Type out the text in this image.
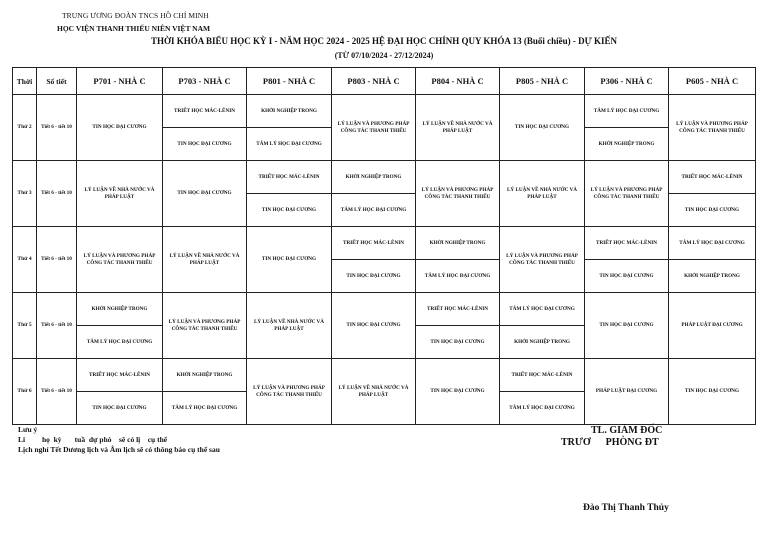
TRUNG ƯƠNG ĐOÀN TNCS HỒ CHÍ MINH
HỌC VIỆN THANH THIẾU NIÊN VIỆT NAM
THỜI KHÓA BIỂU HỌC KỲ I - NĂM HỌC 2024 - 2025 HỆ ĐẠI HỌC CHÍNH QUY KHÓA 13 (Buổi chiều) - DỰ KIẾN
(TỪ 07/10/2024 - 27/12/2024)
Thời	Số tiết	P701 - NHÀ C	P703 - NHÀ C	P801 - NHÀ C	P803 - NHÀ C	P804 - NHÀ C	P805 - NHÀ C	P306 - NHÀ C	P605 - NHÀ C
Thứ 2	Tiết 6 - tiết 10	TIN HỌC ĐẠI CƯƠNG	TRIẾT HỌC MÁC-LÊNIN	KHỞI NGHIỆP TRONG	LÝ LUẬN VÀ PHƯƠNG PHÁP CÔNG TÁC THANH THIẾU	LÝ LUẬN VỀ NHÀ NƯỚC VÀ PHÁP LUẬT	TIN HỌC ĐẠI CƯƠNG	TÂM LÝ HỌC ĐẠI CƯƠNG	LÝ LUẬN VÀ PHƯƠNG PHÁP CÔNG TÁC THANH THIẾU
			TIN HỌC ĐẠI CƯƠNG	TÂM LÝ HỌC ĐẠI CƯƠNG				KHỞI NGHIỆP TRONG	
Thứ 3	Tiết 6 - tiết 10	LÝ LUẬN VỀ NHÀ NƯỚC VÀ PHÁP LUẬT	TIN HỌC ĐẠI CƯƠNG	TRIẾT HỌC MÁC-LÊNIN	KHỞI NGHIỆP TRONG	LÝ LUẬN VÀ PHƯƠNG PHÁP CÔNG TÁC THANH THIẾU	LÝ LUẬN VỀ NHÀ NƯỚC VÀ PHÁP LUẬT	LÝ LUẬN VÀ PHƯƠNG PHÁP CÔNG TÁC THANH THIẾU	TRIẾT HỌC MÁC-LÊNIN
				TIN HỌC ĐẠI CƯƠNG	TÂM LÝ HỌC ĐẠI CƯƠNG				TIN HỌC ĐẠI CƯƠNG
Thứ 4	Tiết 6 - tiết 10	LÝ LUẬN VÀ PHƯƠNG PHÁP CÔNG TÁC THANH THIẾU	LÝ LUẬN VỀ NHÀ NƯỚC VÀ PHÁP LUẬT	TIN HỌC ĐẠI CƯƠNG	TRIẾT HỌC MÁC-LÊNIN	KHỞI NGHIỆP TRONG	LÝ LUẬN VÀ PHƯƠNG PHÁP CÔNG TÁC THANH THIẾU	TRIẾT HỌC MÁC-LÊNIN	TÂM LÝ HỌC ĐẠI CƯƠNG
					TIN HỌC ĐẠI CƯƠNG	TÂM LÝ HỌC ĐẠI CƯƠNG		TIN HỌC ĐẠI CƯƠNG	KHỞI NGHIỆP TRONG
Thứ 5	Tiết 6 - tiết 10	KHỞI NGHIỆP TRONG	LÝ LUẬN VÀ PHƯƠNG PHÁP CÔNG TÁC THANH THIẾU	LÝ LUẬN VỀ NHÀ NƯỚC VÀ PHÁP LUẬT	TIN HỌC ĐẠI CƯƠNG	TRIẾT HỌC MÁC-LÊNIN	TÂM LÝ HỌC ĐẠI CƯƠNG	TIN HỌC ĐẠI CƯƠNG	PHÁP LUẬT ĐẠI CƯƠNG
		TÂM LÝ HỌC ĐẠI CƯƠNG				TIN HỌC ĐẠI CƯƠNG	KHỞI NGHIỆP TRONG		
Thứ 6	Tiết 6 - tiết 10	TRIẾT HỌC MÁC-LÊNIN	KHỞI NGHIỆP TRONG	LÝ LUẬN VÀ PHƯƠNG PHÁP CÔNG TÁC THANH THIẾU	LÝ LUẬN VỀ NHÀ NƯỚC VÀ PHÁP LUẬT	TIN HỌC ĐẠI CƯƠNG	TRIẾT HỌC MÁC-LÊNIN	PHÁP LUẬT ĐẠI CƯƠNG	TIN HỌC ĐẠI CƯƠNG
		TIN HỌC ĐẠI CƯƠNG	TÂM LÝ HỌC ĐẠI CƯƠNG				TÂM LÝ HỌC ĐẠI CƯƠNG		
Lưu ý
Li         họ  kỳ       tuầ  dự phò    sẽ có lị    cụ thể
Lịch nghỉ Tết Dương lịch và Âm lịch sẽ có thông báo cụ thể sau
TL. GIÁM ĐỐC
TRƯƠ      PHÒNG ĐT
Đào Thị Thanh Thủy
